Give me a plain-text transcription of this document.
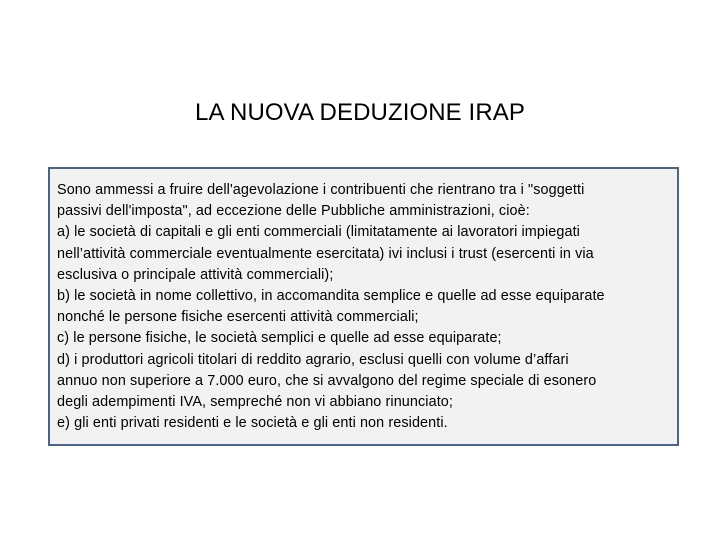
LA NUOVA DEDUZIONE IRAP
Sono ammessi a fruire dell'agevolazione i contribuenti che rientrano tra i "soggetti
passivi dell'imposta", ad eccezione delle Pubbliche amministrazioni, cioè:
a) le società di capitali e gli enti commerciali (limitatamente ai lavoratori impiegati
nell’attività commerciale eventualmente esercitata) ivi inclusi i trust (esercenti in via
esclusiva o principale attività commerciali);
b) le società in nome collettivo, in accomandita semplice e quelle ad esse equiparate
nonché le persone fisiche esercenti attività commerciali;
c) le persone fisiche, le società semplici e quelle ad esse equiparate;
d) i produttori agricoli titolari di reddito agrario, esclusi quelli con volume d’affari
annuo non superiore a 7.000 euro, che si avvalgono del regime speciale di esonero
degli adempimenti IVA, sempreché non vi abbiano rinunciato;
e) gli enti privati residenti e le società e gli enti non residenti.
